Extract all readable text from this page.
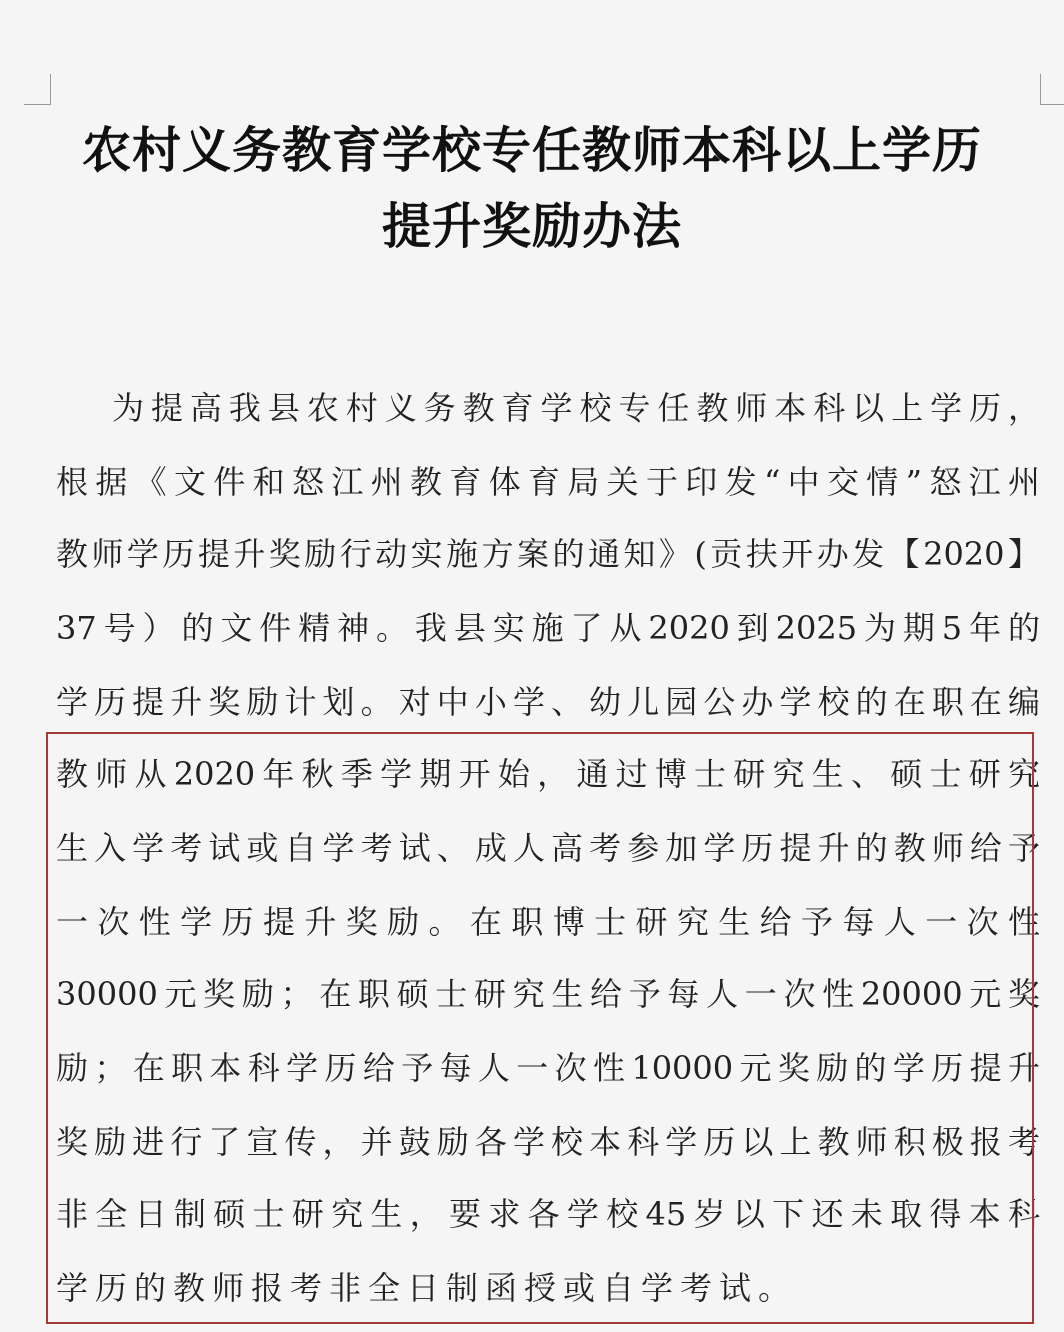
农村义务教育学校专任教师本科以上学历
提升奖励办法
为提高我县农村义务教育学校专任教师本科以上学历，
根据《文件和怒江州教育体育局关于印发“中交情”怒江州
教师学历提升奖励行动实施方案的通知》(贡扶开办发【2020】
37号）的文件精神。我县实施了从2020到2025为期5年的
学历提升奖励计划。对中小学、幼儿园公办学校的在职在编
教师从2020年秋季学期开始，通过博士研究生、硕士研究
生入学考试或自学考试、成人高考参加学历提升的教师给予
一次性学历提升奖励。在职博士研究生给予每人一次性
30000元奖励；在职硕士研究生给予每人一次性20000元奖
励；在职本科学历给予每人一次性10000元奖励的学历提升
奖励进行了宣传，并鼓励各学校本科学历以上教师积极报考
非全日制硕士研究生，要求各学校45岁以下还未取得本科
学历的教师报考非全日制函授或自学考试。
